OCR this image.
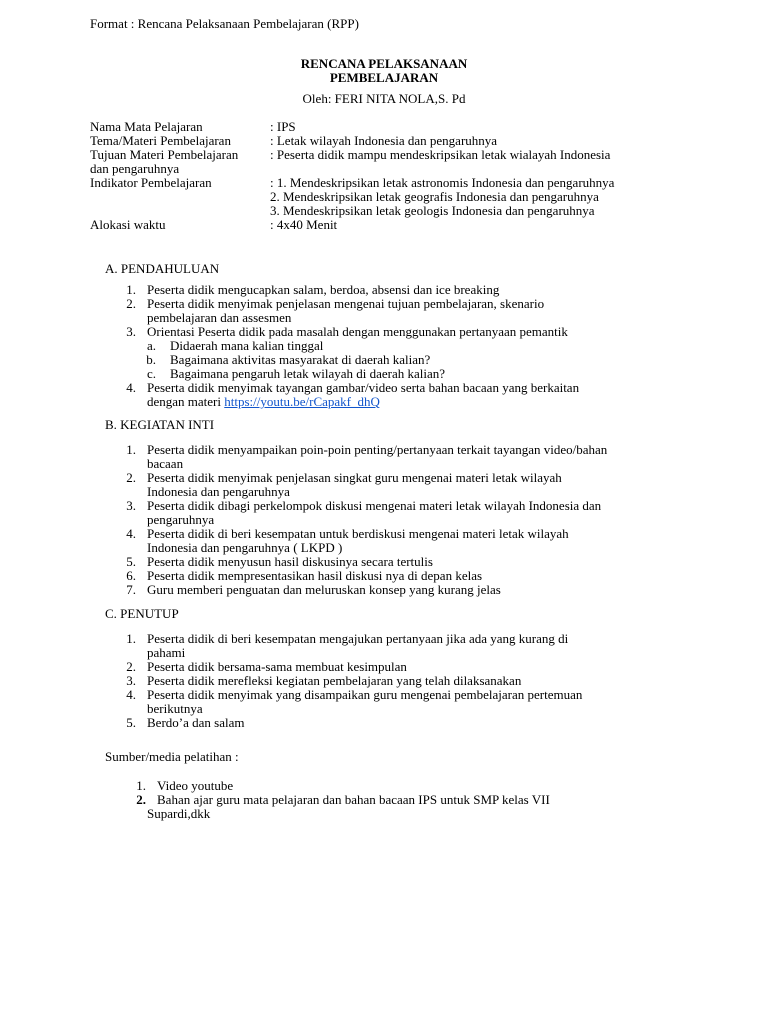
Format : Rencana Pelaksanaan Pembelajaran (RPP)
RENCANA PELAKSANAAN
PEMBELAJARAN
Oleh: FERI NITA NOLA,S. Pd
Nama Mata Pelajaran	: IPS
Tema/Materi Pembelajaran	: Letak wilayah Indonesia dan pengaruhnya
Tujuan Materi Pembelajaran : Peserta didik mampu mendeskripsikan letak wialayah Indonesia
dan pengaruhnya
Indikator Pembelajaran	: 1. Mendeskripsikan letak astronomis Indonesia dan pengaruhnya
2. Mendeskripsikan letak geografis Indonesia dan pengaruhnya
3. Mendeskripsikan letak geologis Indonesia dan pengaruhnya
Alokasi waktu	: 4x40 Menit
A. PENDAHULUAN
1. Peserta didik mengucapkan salam, berdoa, absensi dan ice breaking
2. Peserta didik menyimak penjelasan mengenai tujuan pembelajaran, skenario
pembelajaran dan assesmen
3. Orientasi Peserta didik pada masalah dengan menggunakan pertanyaan pemantik
a. Didaerah mana kalian tinggal
b. Bagaimana aktivitas masyarakat di daerah kalian?
c. Bagaimana pengaruh letak wilayah di daerah kalian?
4. Peserta didik menyimak tayangan gambar/video serta bahan bacaan yang berkaitan
dengan materi https://youtu.be/rCapakf_dhQ
B. KEGIATAN INTI
1. Peserta didik menyampaikan poin-poin penting/pertanyaan terkait tayangan video/bahan
bacaan
2. Peserta didik menyimak penjelasan singkat guru mengenai materi letak wilayah
Indonesia dan pengaruhnya
3. Peserta didik dibagi perkelompok diskusi mengenai materi letak wilayah Indonesia dan
pengaruhnya
4. Peserta didik di beri kesempatan untuk berdiskusi mengenai materi letak wilayah
Indonesia dan pengaruhnya ( LKPD )
5. Peserta didik menyusun hasil diskusinya secara tertulis
6. Peserta didik mempresentasikan hasil diskusi nya di depan kelas
7. Guru memberi penguatan dan meluruskan konsep yang kurang jelas
C. PENUTUP
1. Peserta didik di beri kesempatan mengajukan pertanyaan jika ada yang kurang di
pahami
2. Peserta didik bersama-sama membuat kesimpulan
3. Peserta didik merefleksi kegiatan pembelajaran yang telah dilaksanakan
4. Peserta didik menyimak yang disampaikan guru mengenai pembelajaran pertemuan
berikutnya
5. Berdo’a dan salam
Sumber/media pelatihan :
1. Video youtube
2. Bahan ajar guru mata pelajaran dan bahan bacaan IPS untuk SMP kelas VII
Supardi,dkk
